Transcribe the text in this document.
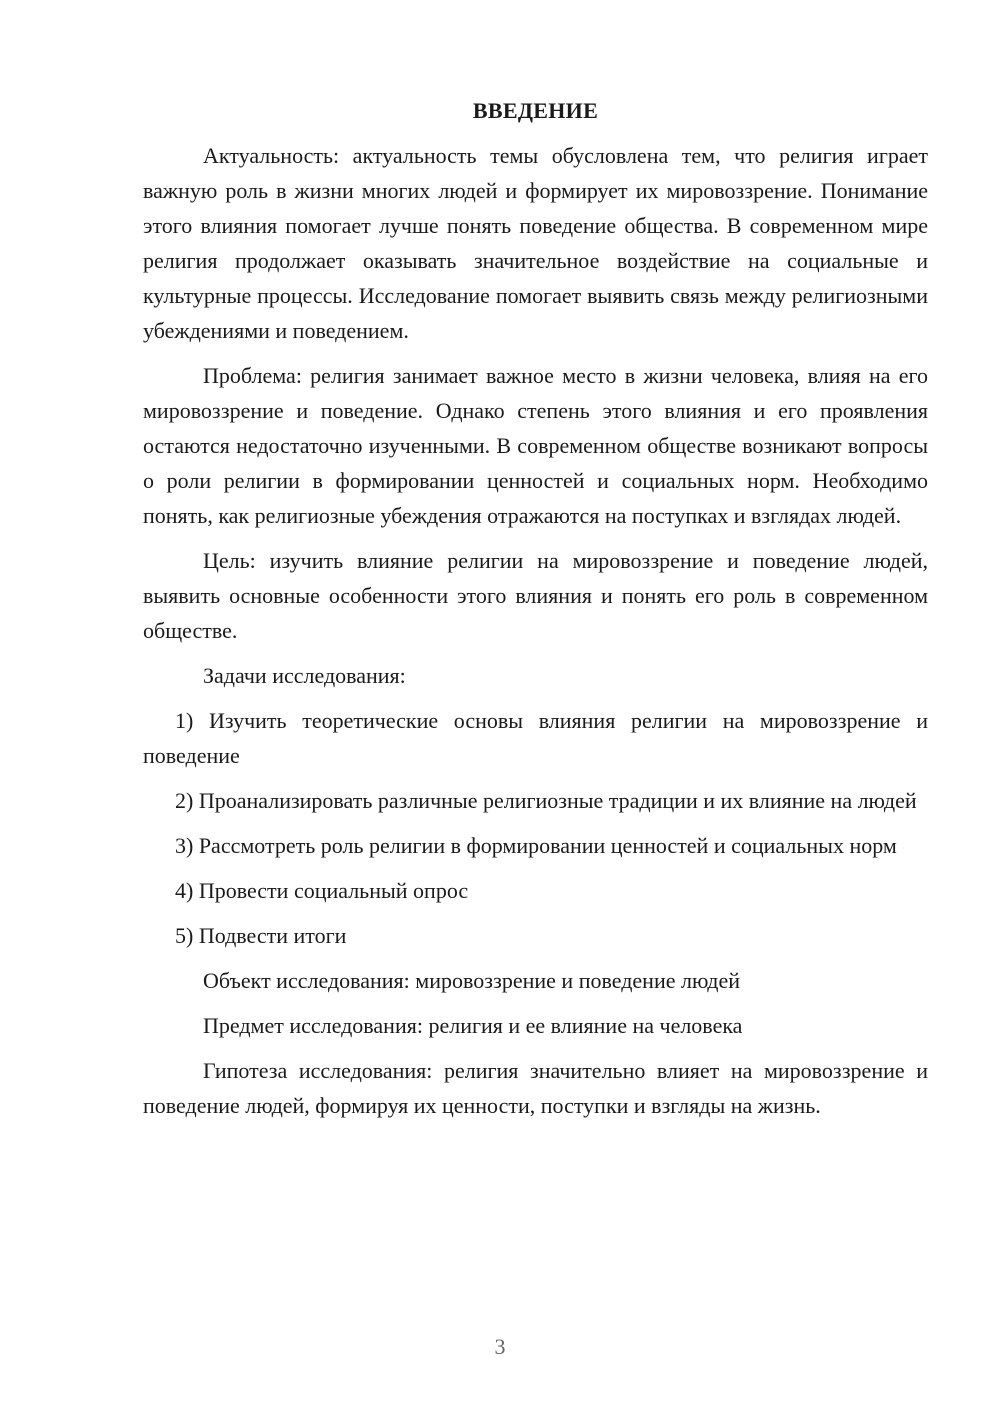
ВВЕДЕНИЕ

Актуальность: актуальность темы обусловлена тем, что религия играет важную роль в жизни многих людей и формирует их мировоззрение. Понимание этого влияния помогает лучше понять поведение общества. В современном мире религия продолжает оказывать значительное воздействие на социальные и культурные процессы. Исследование помогает выявить связь между религиозными убеждениями и поведением.

Проблема: религия занимает важное место в жизни человека, влияя на его мировоззрение и поведение. Однако степень этого влияния и его проявления остаются недостаточно изученными. В современном обществе возникают вопросы о роли религии в формировании ценностей и социальных норм. Необходимо понять, как религиозные убеждения отражаются на поступках и взглядах людей.

Цель: изучить влияние религии на мировоззрение и поведение людей, выявить основные особенности этого влияния и понять его роль в современном обществе.

Задачи исследования:

1) Изучить теоретические основы влияния религии на мировоззрение и поведение

2) Проанализировать различные религиозные традиции и их влияние на людей

3) Рассмотреть роль религии в формировании ценностей и социальных норм

4) Провести социальный опрос

5) Подвести итоги

Объект исследования: мировоззрение и поведение людей

Предмет исследования: религия и ее влияние на человека

Гипотеза исследования: религия значительно влияет на мировоззрение и поведение людей, формируя их ценности, поступки и взгляды на жизнь.

3
